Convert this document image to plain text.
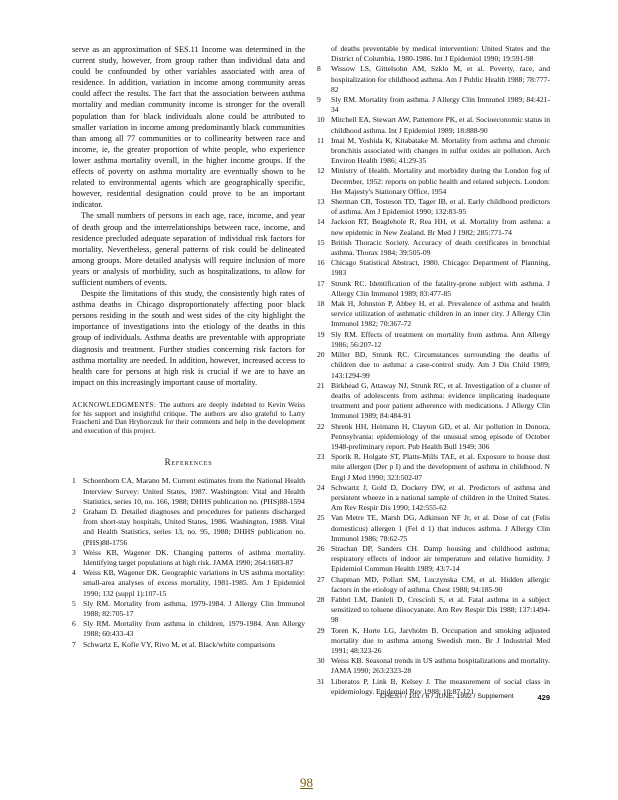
serve as an approximation of SES.11 Income was determined in the current study, however, from group rather than individual data and could be confounded by other variables associated with area of residence. In addition, variation in income among community areas could affect the results. The fact that the association between asthma mortality and median community income is stronger for the overall population than for black individuals alone could be attributed to smaller variation in income among predominantly black communities than among all 77 communities or to collinearity between race and income, ie, the greater proportion of white people, who experience lower asthma mortality overall, in the higher income groups. If the effects of poverty on asthma mortality are eventually shown to be related to environmental agents which are geographically specific, however, residential designation could prove to be an important indicator.

The small numbers of persons in each age, race, income, and year of death group and the interrelationships between race, income, and residence precluded adequate separation of individual risk factors for mortality. Nevertheless, general patterns of risk could be delineated among groups. More detailed analysis will require inclusion of more years or analysis of morbidity, such as hospitalizations, to allow for sufficient numbers of events.

Despite the limitations of this study, the consistently high rates of asthma deaths in Chicago disproportionately affecting poor black persons residing in the south and west sides of the city highlight the importance of investigations into the etiology of the deaths in this group of individuals. Asthma deaths are preventable with appropriate diagnosis and treatment. Further studies concerning risk factors for asthma mortality are needed. In addition, however, increased access to health care for persons at high risk is crucial if we are to have an impact on this increasingly important cause of mortality.

ACKNOWLEDGMENTS: The authors are deeply indebted to Kevin Weiss for his support and insightful critique. The authors are also grateful to Larry Fraschetti and Dan Hryhorczuk for their comments and help in the development and execution of this project.

References

1 Schoenborn CA, Marano M. Current estimates from the National Health Interview Survey: United States, 1987. Washington: Vital and Health Statistics, series 10, no. 166, 1988; DHHS publication no. (PHS)88-1594

2 Graham D. Detailed diagnoses and procedures for patients discharged from short-stay hospitals, United States, 1986. Washington, 1988. Vital and Health Statistics, series 13, no. 95, 1988; DHHS publication no. (PHS)88-1756

3 Weiss KB, Wagener DK. Changing patterns of asthma mortality. Identifying target populations at high risk. JAMA 1990; 264:1683-87

4 Weiss KB, Wagener DK. Geographic variations in US asthma mortality: small-area analyses of excess mortality, 1981-1985. Am J Epidemiol 1990; 132 (suppl 1):107-15

5 Sly RM. Mortality from asthma, 1979-1984. J Allergy Clin Immunol 1988; 82:705-17

6 Sly RM. Mortality from asthma in children, 1979-1984. Ann Allergy 1988; 60:433-43

7 Schwartz E, Kofie VY, Rivo M, et al. Black/white comparisons

of deaths preventable by medical intervention: United States and the District of Columbia, 1980-1986. Int J Epidemiol 1990; 19:591-98

8 Wissow LS, Gittelsohn AM, Szklo M, et al. Poverty, race, and hospitalization for childhood asthma. Am J Public Health 1988; 78:777-82

9 Sly RM. Mortality from asthma. J Allergy Clin Immunol 1989; 84:421-34

10 Mitchell EA, Stewart AW, Pattemore PK, et al. Socioeconomic status in childhood asthma. Int J Epidemiol 1989; 18:888-90

11 Imai M, Yoshida K, Kitabatake M. Mortality from asthma and chronic bronchitis associated with changes in sulfur oxides air pollution. Arch Environ Health 1986; 41:29-35

12 Ministry of Health. Mortality and morbidity during the London fog of December, 1952: reports on public health and related subjects. London: Her Majesty's Stationary Office, 1954

13 Sherman CB, Tosteson TD, Tager IB, et al. Early childhood predictors of asthma. Am J Epidemiol 1990; 132:83-95

14 Jackson RT, Beaglehole R, Rea HH, et al. Mortality from asthma: a new epidemic in New Zealand. Br Med J 1982; 285:771-74

15 British Thoracic Society. Accuracy of death certificates in bronchial asthma. Thorax 1984; 39:505-09

16 Chicago Statistical Abstract, 1980. Chicago: Department of Planning, 1983

17 Strunk RC. Identification of the fatality-prone subject with asthma. J Allergy Clin Immunol 1989; 83:477-85

18 Mak H, Johnston P, Abbey H, et al. Prevalence of asthma and health service utilization of asthmatic children in an inner city. J Allergy Clin Immunol 1982; 70:367-72

19 Sly RM. Effects of treatment on mortality from asthma. Ann Allergy 1986; 56:207-12

20 Miller BD, Strunk RC. Circumstances surrounding the deaths of children due to asthma: a case-control study. Am J Dis Child 1989; 143:1294-99

21 Birkhead G, Attaway NJ, Strunk RC, et al. Investigation of a cluster of deaths of adolescents from asthma: evidence implicating inadequate treatment and poor patient adherence with medications. J Allergy Clin Immunol 1989; 84:484-91

22 Shrenk HH, Heimann H, Clayton GD, et al. Air pollution in Donora, Pennsylvania: epidemiology of the unusual smog episode of October 1948-preliminary report. Pub Health Bull 1949; 306

23 Sporik R, Holgate ST, Platts-Mills TAE, et al. Exposure to house dust mite allergen (Der p I) and the development of asthma in childhood. N Engl J Med 1990; 323:502-07

24 Schwartz J, Gold D, Dockery DW, et al. Predictors of asthma and persistent wheeze in a national sample of children in the United States. Am Rev Respir Dis 1990; 142:555-62

25 Van Metre TE, Marsh DG, Adkinson NF Jr, et al. Dose of cat (Felis domesticus) allergen 1 (Fel d 1) that induces asthma. J Allergy Clin Immunol 1986; 78:62-75

26 Strachan DP, Sanders CH. Damp housing and childhood asthma; respiratory effects of indoor air temperature and relative humidity. J Epidemiol Commun Health 1989; 43:7-14

27 Chapman MD, Pollart SM, Luczynska CM, et al. Hidden allergic factors in the etiology of asthma. Chest 1988; 94:185-90

28 Fabbri LM, Danieli D, Crescioli S, et al. Fatal asthma in a subject sensitized to toluene diisocyanate. Am Rev Respir Dis 1988; 137:1494-98

29 Toren K, Horte LG, Jarvholm B. Occupation and smoking adjusted mortality due to asthma among Swedish men. Br J Industrial Med 1991; 48:323-26

30 Weiss KB. Seasonal trends in US asthma hospitalizations and mortality. JAMA 1990; 263:2323-28

31 Liberatos P, Link B, Kelsey J. The measurement of social class in epidemiology. Epidemiol Rev 1988; 10:87-121

CHEST / 101 / 6 / JUNE, 1992 / Supplement	429
98
